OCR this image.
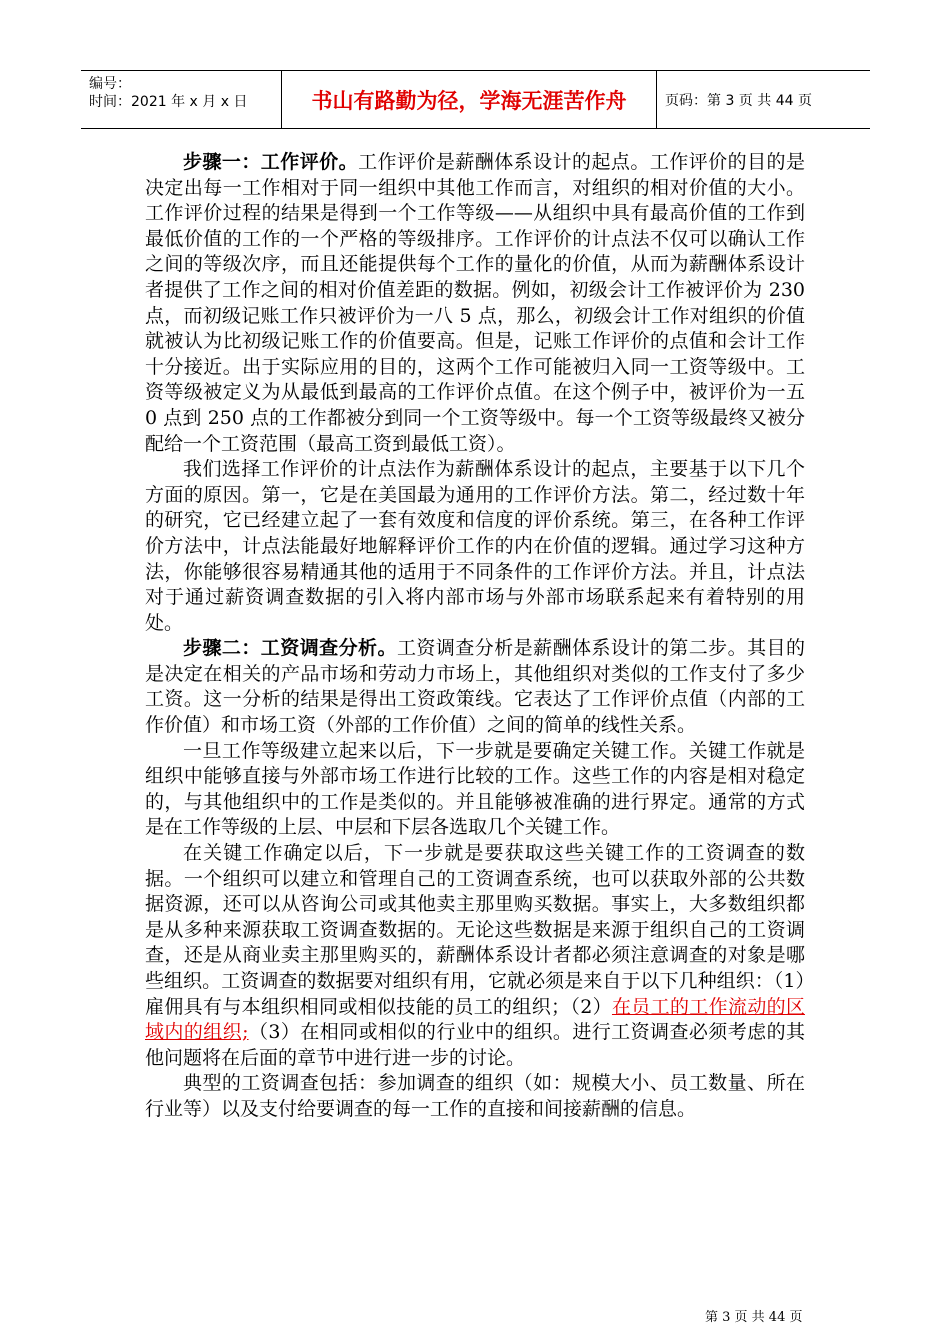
编号：
时间：2021 年 x 月 x 日	书山有路勤为径，学海无涯苦作舟	页码：第 3 页 共 44 页

步骤一：工作评价。工作评价是薪酬体系设计的起点。工作评价的目的是决定出每一工作相对于同一组织中其他工作而言，对组织的相对价值的大小。工作评价过程的结果是得到一个工作等级——从组织中具有最高价值的工作到最低价值的工作的一个严格的等级排序。工作评价的计点法不仅可以确认工作之间的等级次序，而且还能提供每个工作的量化的价值，从而为薪酬体系设计者提供了工作之间的相对价值差距的数据。例如，初级会计工作被评价为 230 点，而初级记账工作只被评价为一八 5 点，那么，初级会计工作对组织的价值就被认为比初级记账工作的价值要高。但是，记账工作评价的点值和会计工作十分接近。出于实际应用的目的，这两个工作可能被归入同一工资等级中。工资等级被定义为从最低到最高的工作评价点值。在这个例子中，被评价为一五 0 点到 250 点的工作都被分到同一个工资等级中。每一个工资等级最终又被分配给一个工资范围（最高工资到最低工资）。

我们选择工作评价的计点法作为薪酬体系设计的起点，主要基于以下几个方面的原因。第一，它是在美国最为通用的工作评价方法。第二，经过数十年的研究，它已经建立起了一套有效度和信度的评价系统。第三，在各种工作评价方法中，计点法能最好地解释评价工作的内在价值的逻辑。通过学习这种方法，你能够很容易精通其他的适用于不同条件的工作评价方法。并且，计点法对于通过薪资调查数据的引入将内部市场与外部市场联系起来有着特别的用处。

步骤二：工资调查分析。工资调查分析是薪酬体系设计的第二步。其目的是决定在相关的产品市场和劳动力市场上，其他组织对类似的工作支付了多少工资。这一分析的结果是得出工资政策线。它表达了工作评价点值（内部的工作价值）和市场工资（外部的工作价值）之间的简单的线性关系。

一旦工作等级建立起来以后，下一步就是要确定关键工作。关键工作就是组织中能够直接与外部市场工作进行比较的工作。这些工作的内容是相对稳定的，与其他组织中的工作是类似的。并且能够被准确的进行界定。通常的方式是在工作等级的上层、中层和下层各选取几个关键工作。

在关键工作确定以后，下一步就是要获取这些关键工作的工资调查的数据。一个组织可以建立和管理自己的工资调查系统，也可以获取外部的公共数据资源，还可以从咨询公司或其他卖主那里购买数据。事实上，大多数组织都是从多种来源获取工资调查数据的。无论这些数据是来源于组织自己的工资调查，还是从商业卖主那里购买的，薪酬体系设计者都必须注意调查的对象是哪些组织。工资调查的数据要对组织有用，它就必须是来自于以下几种组织：（1）雇佣具有与本组织相同或相似技能的员工的组织；（2）在员工的工作流动的区域内的组织;（3）在相同或相似的行业中的组织。进行工资调查必须考虑的其他问题将在后面的章节中进行进一步的讨论。

典型的工资调查包括：参加调查的组织（如：规模大小、员工数量、所在行业等）以及支付给要调查的每一工作的直接和间接薪酬的信息。

第 3 页 共 44 页
